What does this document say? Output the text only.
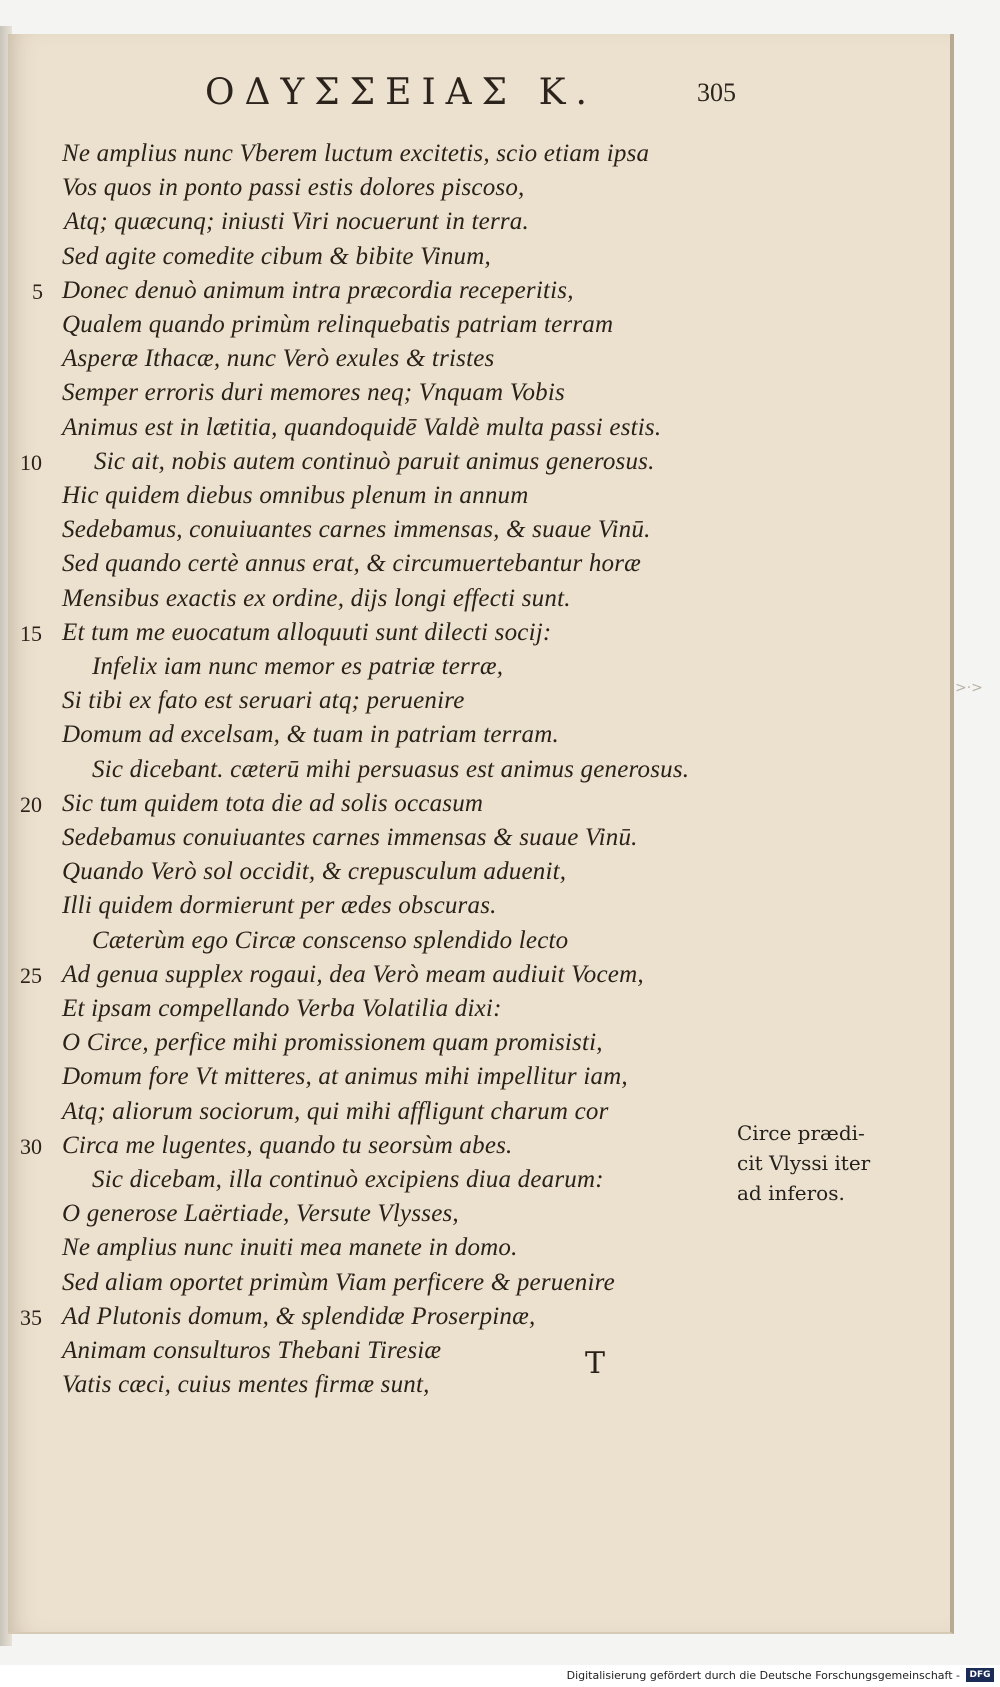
ΟΔΥΣΣΕΙΑΣ Κ.	305
Ne amplius nunc Vberem luctum excitetis, scio etiam ipsa
Vos quos in ponto passi estis dolores piscoso,
Atq; quæcunq; iniusti Viri nocuerunt in terra.
Sed agite comedite cibum & bibite Vinum,
Donec denuò animum intra præcordia receperitis,
Qualem quando primùm relinquebatis patriam terram
Asperæ Ithacæ, nunc Verò exules & tristes
Semper erroris duri memores neq; Vnquam Vobis
Animus est in lætitia, quandoquidē Valdè multa passi estis.
Sic ait, nobis autem continuò paruit animus generosus.
Hic quidem diebus omnibus plenum in annum
Sedebamus, conuiuantes carnes immensas, & suaue Vinū.
Sed quando certè annus erat, & circumuertebantur horæ
Mensibus exactis ex ordine, dijs longi effecti sunt.
Et tum me euocatum alloquuti sunt dilecti socij:
Infelix iam nunc memor es patriæ terræ,
Si tibi ex fato est seruari atq; peruenire
Domum ad excelsam, & tuam in patriam terram.
Sic dicebant. cæterū mihi persuasus est animus generosus.
Sic tum quidem tota die ad solis occasum
Sedebamus conuiuantes carnes immensas & suaue Vinū.
Quando Verò sol occidit, & crepusculum aduenit,
Illi quidem dormierunt per ædes obscuras.
Cæterùm ego Circæ conscenso splendido lecto
Ad genua supplex rogaui, dea Verò meam audiuit Vocem,
Et ipsam compellando Verba Volatilia dixi:
O Circe, perfice mihi promissionem quam promisisti,
Domum fore Vt mitteres, at animus mihi impellitur iam,
Atq; aliorum sociorum, qui mihi affligunt charum cor
Circa me lugentes, quando tu seorsùm abes.
Sic dicebam, illa continuò excipiens diua dearum:
O generose Laërtiade, Versute Vlysses,
Ne amplius nunc inuiti mea manete in domo.
Sed aliam oportet primùm Viam perficere & peruenire
Ad Plutonis domum, & splendidæ Proserpinæ,
Animam consulturos Thebani Tiresiæ
Vatis cæci, cuius mentes firmæ sunt,
5
10
15
20
25
30
35
Circe prædi-
cit Vlyssi iter
ad inferos.
T
>·>
Digitalisierung gefördert durch die Deutsche Forschungsgemeinschaft -	DFG
